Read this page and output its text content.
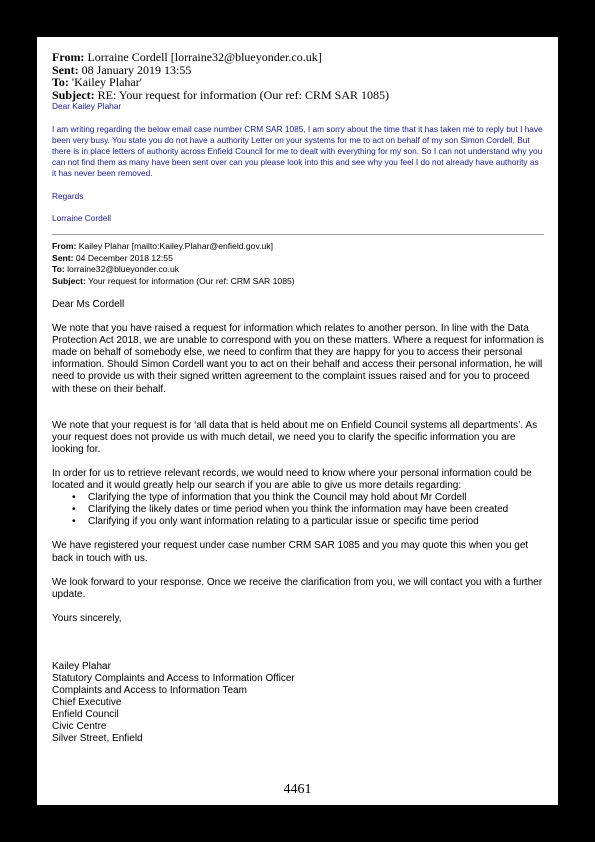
From: Lorraine Cordell [lorraine32@blueyonder.co.uk]
Sent: 08 January 2019 13:55
To: 'Kailey Plahar'
Subject: RE: Your request for information (Our ref: CRM SAR 1085)

Dear Kailey Plahar

I am writing regarding the below email case number CRM SAR 1085, I am sorry about the time that it has taken me to reply but I have been very busy. You state you do not have a authority Letter on your systems for me to act on behalf of my son Simon Cordell, But there is in place letters of authority across Enfield Council for me to dealt with everything for my son. So I can not understand why you can not find them as many have been sent over can you please look into this and see why you feel I do not already have authority as it has never been removed.

Regards

Lorraine Cordell

From: Kailey Plahar [mailto:Kailey.Plahar@enfield.gov.uk]
Sent: 04 December 2018 12:55
To: lorraine32@blueyonder.co.uk
Subject: Your request for information (Our ref: CRM SAR 1085)

Dear Ms Cordell

We note that you have raised a request for information which relates to another person. In line with the Data Protection Act 2018, we are unable to correspond with you on these matters. Where a request for information is made on behalf of somebody else, we need to confirm that they are happy for you to access their personal information. Should Simon Cordell want you to act on their behalf and access their personal information, he will need to provide us with their signed written agreement to the complaint issues raised and for you to proceed with these on their behalf.

We note that your request is for ‘all data that is held about me on Enfield Council systems all departments’. As your request does not provide us with much detail, we need you to clarify the specific information you are looking for.

In order for us to retrieve relevant records, we would need to know where your personal information could be located and it would greatly help our search if you are able to give us more details regarding:

• Clarifying the type of information that you think the Council may hold about Mr Cordell
• Clarifying the likely dates or time period when you think the information may have been created
• Clarifying if you only want information relating to a particular issue or specific time period

We have registered your request under case number CRM SAR 1085 and you may quote this when you get back in touch with us.

We look forward to your response. Once we receive the clarification from you, we will contact you with a further update.

Yours sincerely,

Kailey Plahar
Statutory Complaints and Access to Information Officer
Complaints and Access to Information Team
Chief Executive
Enfield Council
Civic Centre
Silver Street, Enfield
4461
